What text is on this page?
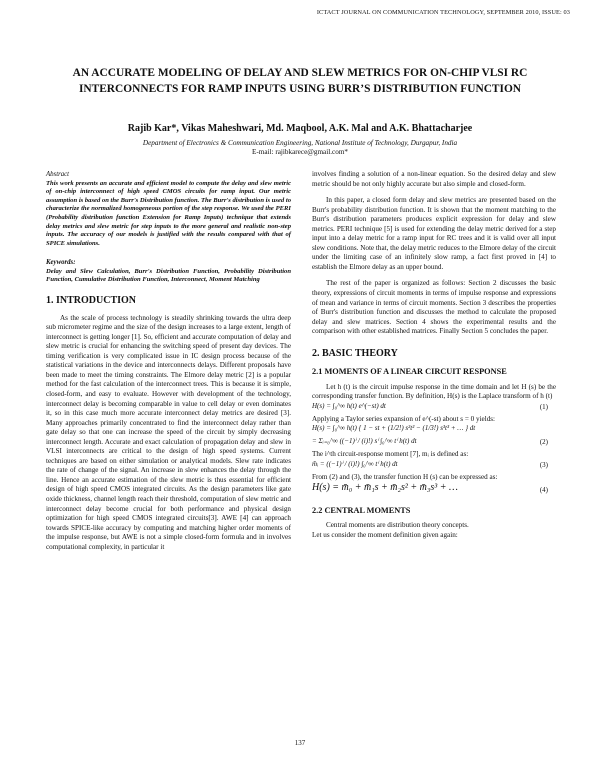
ICTACT JOURNAL ON COMMUNICATION TECHNOLOGY, SEPTEMBER 2010, ISSUE: 03
AN ACCURATE MODELING OF DELAY AND SLEW METRICS FOR ON-CHIP VLSI RC INTERCONNECTS FOR RAMP INPUTS USING BURR’S DISTRIBUTION FUNCTION
Rajib Kar*, Vikas Maheshwari, Md. Maqbool, A.K. Mal and A.K. Bhattacharjee
Department of Electronics & Communication Engineering, National Institute of Technology, Durgapur, India
E-mail: rajibkarece@gmail.com*
Abstract

This work presents an accurate and efficient model to compute the delay and slew metric of on-chip interconnect of high speed CMOS circuits for ramp input. Our metric assumption is based on the Burr's Distribution function. The Burr's distribution is used to characterize the normalized homogeneous portion of the step response. We used the PERI (Probability distribution function Extension for Ramp Inputs) technique that extends delay metrics and slew metric for step inputs to the more general and realistic non-step inputs. The accuracy of our models is justified with the results compared with that of SPICE simulations.

Keywords:

Delay and Slew Calculation, Burr's Distribution Function, Probability Distribution Function, Cumulative Distribution Function, Interconnect, Moment Matching

1. INTRODUCTION

As the scale of process technology is steadily shrinking towards the ultra deep sub micrometer regime and the size of the design increases to a large extent, length of interconnect is getting longer [1]. So, efficient and accurate computation of delay and slew metric is crucial for enhancing the switching speed of present day devices. The timing verification is very complicated issue in IC design process because of the statistical variations in the device and interconnects delays. Different proposals have been made to meet the timing constraints. The Elmore delay metric [2] is a popular method for the fast calculation of the interconnect trees. This is because it is simple, closed-form, and easy to evaluate. However with development of the technology, interconnect delay is becoming comparable in value to cell delay or even dominates it, so in this case much more accurate interconnect delay metrics are desired [3]. Many approaches primarily concentrated to find the interconnect delay rather than gate delay so that one can increase the speed of the circuit by simply decreasing interconnect length. Accurate and exact calculation of propagation delay and slew in VLSI interconnects are critical to the design of high speed systems. Current techniques are based on either simulation or analytical models. Slew rate indicates the rate of change of the signal. An increase in slew enhances the delay through the line. Hence an accurate estimation of the slew metric is thus essential for efficient design of high speed CMOS integrated circuits. As the design parameters like gate oxide thickness, channel length reach their threshold, computation of slew metric and interconnect delay become crucial for both performance and physical design optimization for high speed CMOS integrated circuits[3]. AWE [4] can approach towards SPICE-like accuracy by computing and matching higher order moments of the impulse response, but AWE is not a simple closed-form formula and in involves computational complexity, in particular it

involves finding a solution of a non-linear equation. So the desired delay and slew metric should be not only highly accurate but also simple and closed-form.

In this paper, a closed form delay and slew metrics are presented based on the Burr's probability distribution function. It is shown that the moment matching to the Burr's distribution parameters produces explicit expression for delay and slew metrics. PERI technique [5] is used for extending the delay metric derived for a step input into a delay metric for a ramp input for RC trees and it is valid over all input slew conditions. Note that, the delay metric reduces to the Elmore delay of the circuit under the limiting case of an infinitely slow ramp, a fact first proved in [4] to establish the Elmore delay as an upper bound.

The rest of the paper is organized as follows: Section 2 discusses the basic theory, expressions of circuit moments in terms of impulse response and expressions of mean and variance in terms of circuit moments. Section 3 describes the properties of Burr's distribution function and discusses the method to calculate the proposed delay and slew matrices. Section 4 shows the experimental results and the comparison with other established matrices. Finally Section 5 concludes the paper.

2. BASIC THEORY
2.1 MOMENTS OF A LINEAR CIRCUIT RESPONSE

Let h (t) is the circuit impulse response in the time domain and let H (s) be the corresponding transfer function. By definition, H(s) is the Laplace transform of h (t)

H(s) = ∫₀^∞ h(t) e^(−st) dt	(1)

Applying a Taylor series expansion of e^(-st) about s = 0 yields:

H(s) = ∫₀^∞ h(t) { 1 − st + (1/2!) s²t² − (1/3!) s³t³ + … } dt
= Σᵢ₌₀^∞ ((−1)ⁱ / (i)!) sⁱ ∫₀^∞ tⁱ h(t) dt	(2)

The i^th circuit-response moment [7], mᵢ is defined as:

m̄ᵢ = ((−1)ⁱ / (i)!) ∫₀^∞ tⁱ h(t) dt	(3)

From (2) and (3), the transfer function H (s) can be expressed as:

H(s) = m̄₀ + m̄₁s + m̄₂s² + m̄₃s³ + …	(4)
2.2 CENTRAL MOMENTS

Central moments are distribution theory concepts.

Let us consider the moment definition given again:

137
